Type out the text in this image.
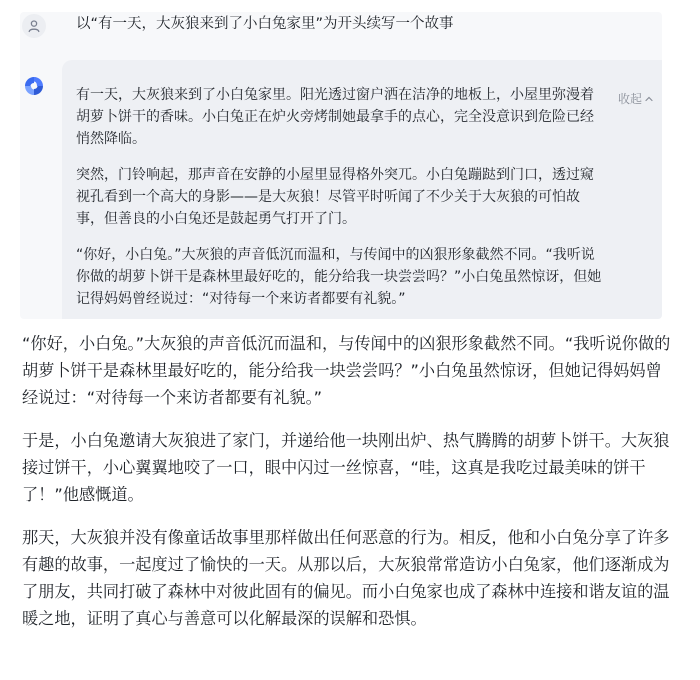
以“有一天，大灰狼来到了小白兔家里”为开头续写一个故事

有一天，大灰狼来到了小白兔家里。阳光透过窗户洒在洁净的地板上，小屋里弥漫着胡萝卜饼干的香味。小白兔正在炉火旁烤制她最拿手的点心，完全没意识到危险已经悄然降临。

突然，门铃响起，那声音在安静的小屋里显得格外突兀。小白兔蹦跶到门口，透过窥视孔看到一个高大的身影——是大灰狼！尽管平时听闻了不少关于大灰狼的可怕故事，但善良的小白兔还是鼓起勇气打开了门。

“你好，小白兔。”大灰狼的声音低沉而温和，与传闻中的凶狠形象截然不同。“我听说你做的胡萝卜饼干是森林里最好吃的，能分给我一块尝尝吗？”小白兔虽然惊讶，但她记得妈妈曾经说过：“对待每一个来访者都要有礼貌。”

收起

“你好，小白兔。”大灰狼的声音低沉而温和，与传闻中的凶狠形象截然不同。“我听说你做的胡萝卜饼干是森林里最好吃的，能分给我一块尝尝吗？”小白兔虽然惊讶，但她记得妈妈曾经说过：“对待每一个来访者都要有礼貌。”

于是，小白兔邀请大灰狼进了家门，并递给他一块刚出炉、热气腾腾的胡萝卜饼干。大灰狼接过饼干，小心翼翼地咬了一口，眼中闪过一丝惊喜，“哇，这真是我吃过最美味的饼干了！”他感慨道。

那天，大灰狼并没有像童话故事里那样做出任何恶意的行为。相反，他和小白兔分享了许多有趣的故事，一起度过了愉快的一天。从那以后，大灰狼常常造访小白兔家，他们逐渐成为了朋友，共同打破了森林中对彼此固有的偏见。而小白兔家也成了森林中连接和谐友谊的温暖之地，证明了真心与善意可以化解最深的误解和恐惧。
